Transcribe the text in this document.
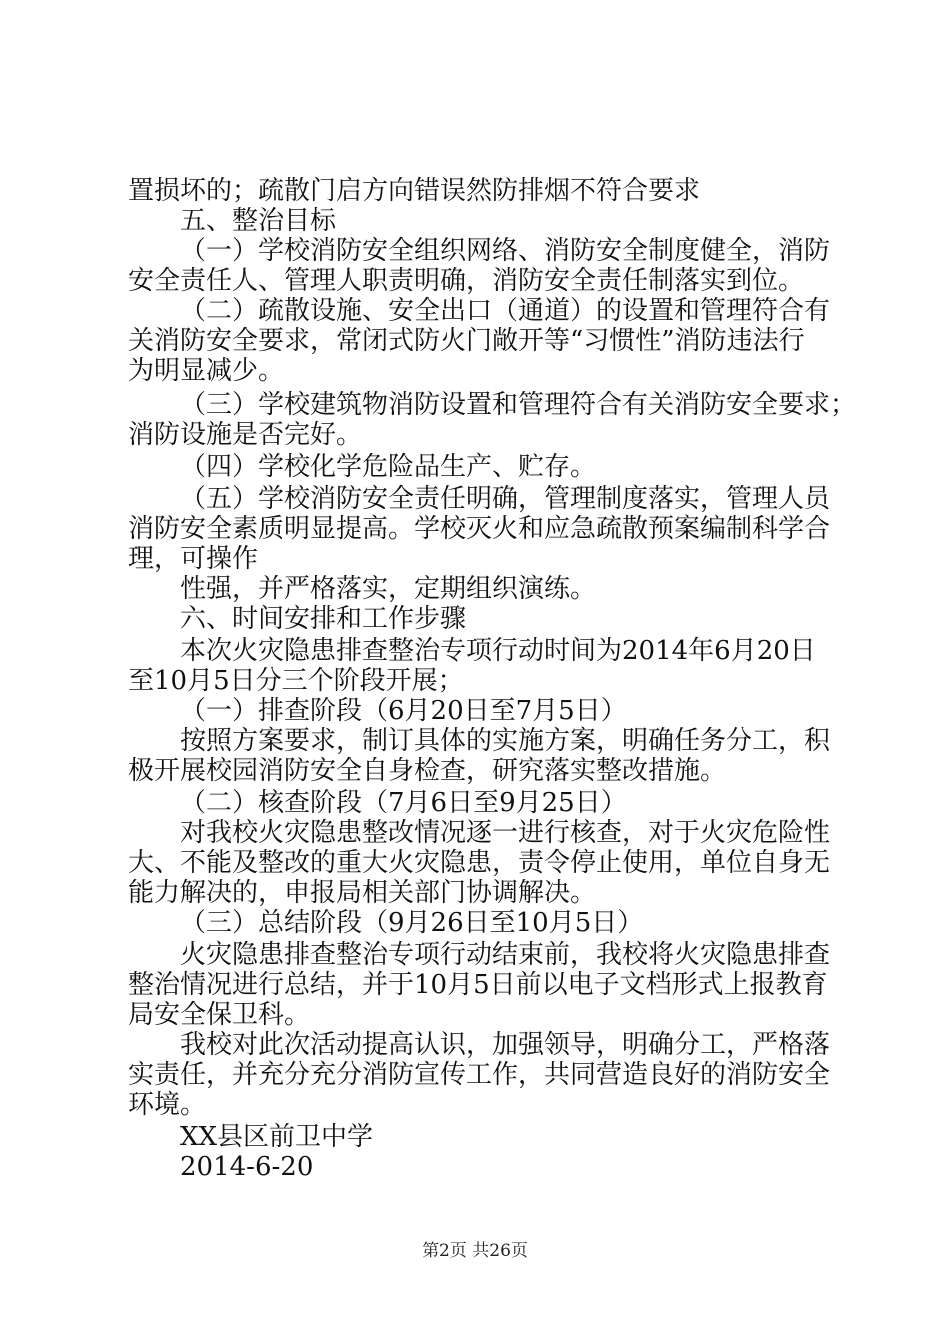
置损坏的；疏散门启方向错误然防排烟不符合要求
五、整治目标
（一）学校消防安全组织网络、消防安全制度健全，消防
安全责任人、管理人职责明确，消防安全责任制落实到位。
（二）疏散设施、安全出口（通道）的设置和管理符合有
关消防安全要求，常闭式防火门敞开等“习惯性”消防违法行
为明显减少。
（三）学校建筑物消防设置和管理符合有关消防安全要求；
消防设施是否完好。
（四）学校化学危险品生产、贮存。
（五）学校消防安全责任明确，管理制度落实，管理人员
消防安全素质明显提高。学校灭火和应急疏散预案编制科学合
理，可操作
性强，并严格落实，定期组织演练。
六、时间安排和工作步骤
本次火灾隐患排查整治专项行动时间为2014年6月20日
至10月5日分三个阶段开展；
（一）排查阶段（6月20日至7月5日）
按照方案要求，制订具体的实施方案，明确任务分工，积
极开展校园消防安全自身检查，研究落实整改措施。
（二）核查阶段（7月6日至9月25日）
对我校火灾隐患整改情况逐一进行核查，对于火灾危险性
大、不能及整改的重大火灾隐患，责令停止使用，单位自身无
能力解决的，申报局相关部门协调解决。
（三）总结阶段（9月26日至10月5日）
火灾隐患排查整治专项行动结束前，我校将火灾隐患排查
整治情况进行总结，并于10月5日前以电子文档形式上报教育
局安全保卫科。
我校对此次活动提高认识，加强领导，明确分工，严格落
实责任，并充分充分消防宣传工作，共同营造良好的消防安全
环境。
XX县区前卫中学
2014-6-20
第2页 共26页
